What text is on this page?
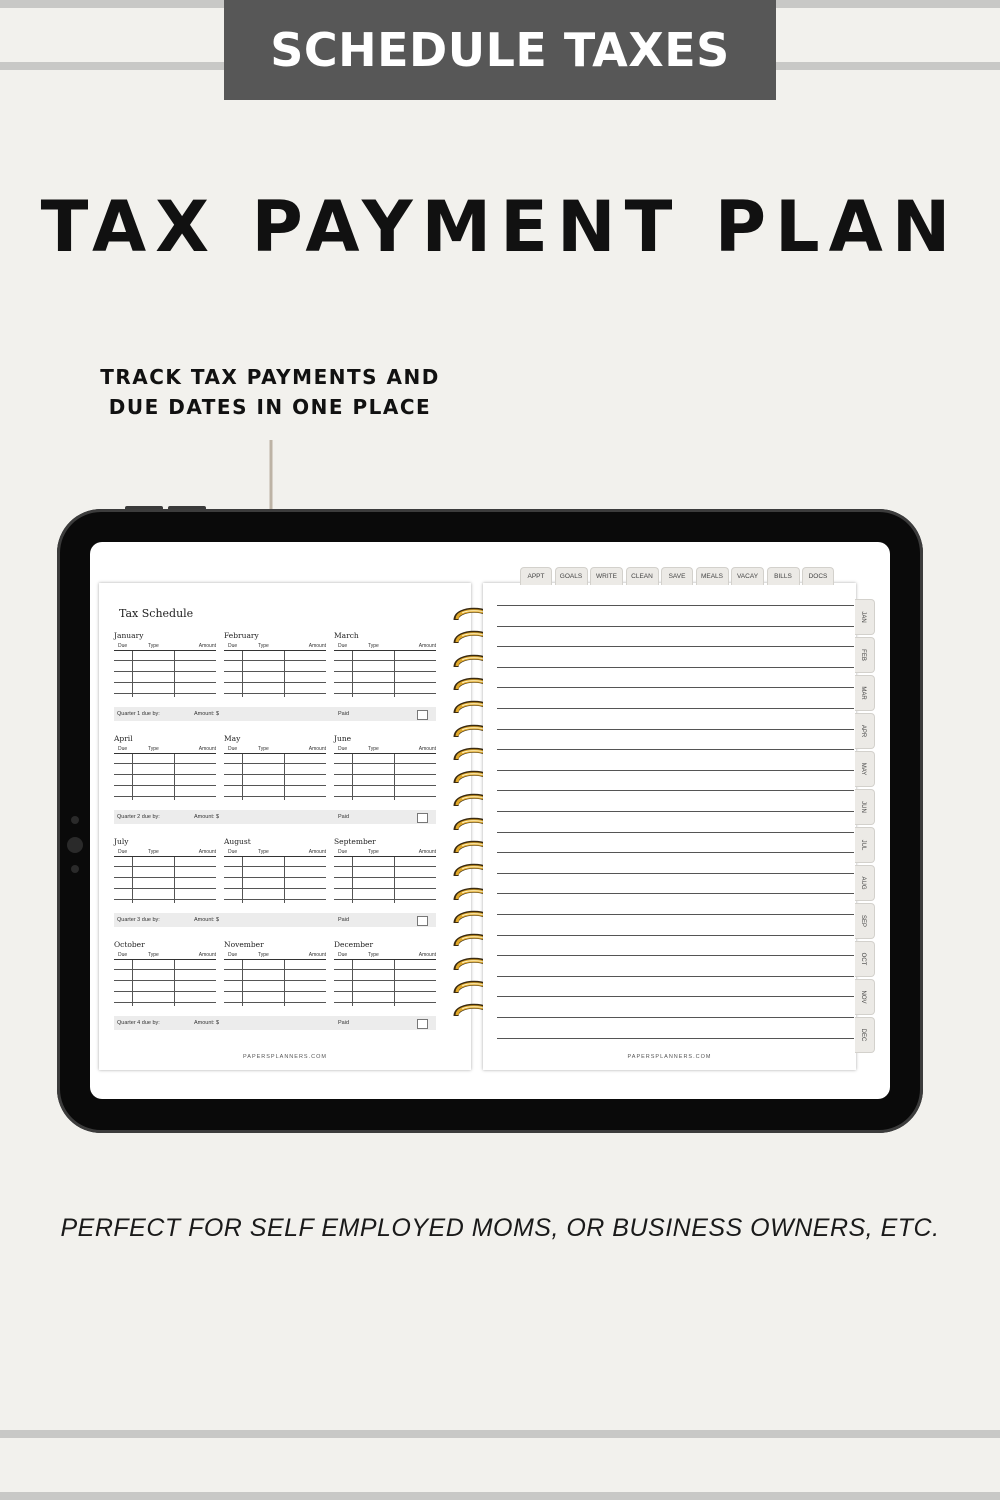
SCHEDULE TAXES
TAX PAYMENT PLAN
TRACK TAX PAYMENTS AND
DUE DATES IN ONE PLACE
Tax Schedule
January
Due	Type	Amount
February
Due	Type	Amount
March
Due	Type	Amount
April
Due	Type	Amount
May
Due	Type	Amount
June
Due	Type	Amount
July
Due	Type	Amount
August
Due	Type	Amount
September
Due	Type	Amount
October
Due	Type	Amount
November
Due	Type	Amount
December
Due	Type	Amount
Quarter 1 due by:	Amount: $	Paid
Quarter 2 due by:	Amount: $	Paid
Quarter 3 due by:	Amount: $	Paid
Quarter 4 due by:	Amount: $	Paid
PAPERSPLANNERS.COM	PAPERSPLANNERS.COM
APPT	GOALS	WRITE	CLEAN	SAVE	MEALS	VACAY	BILLS	DOCS
JAN
FEB
MAR
APR
MAY
JUN
JUL
AUG
SEP
OCT
NOV
DEC
PERFECT FOR SELF EMPLOYED MOMS, OR BUSINESS OWNERS, ETC.
